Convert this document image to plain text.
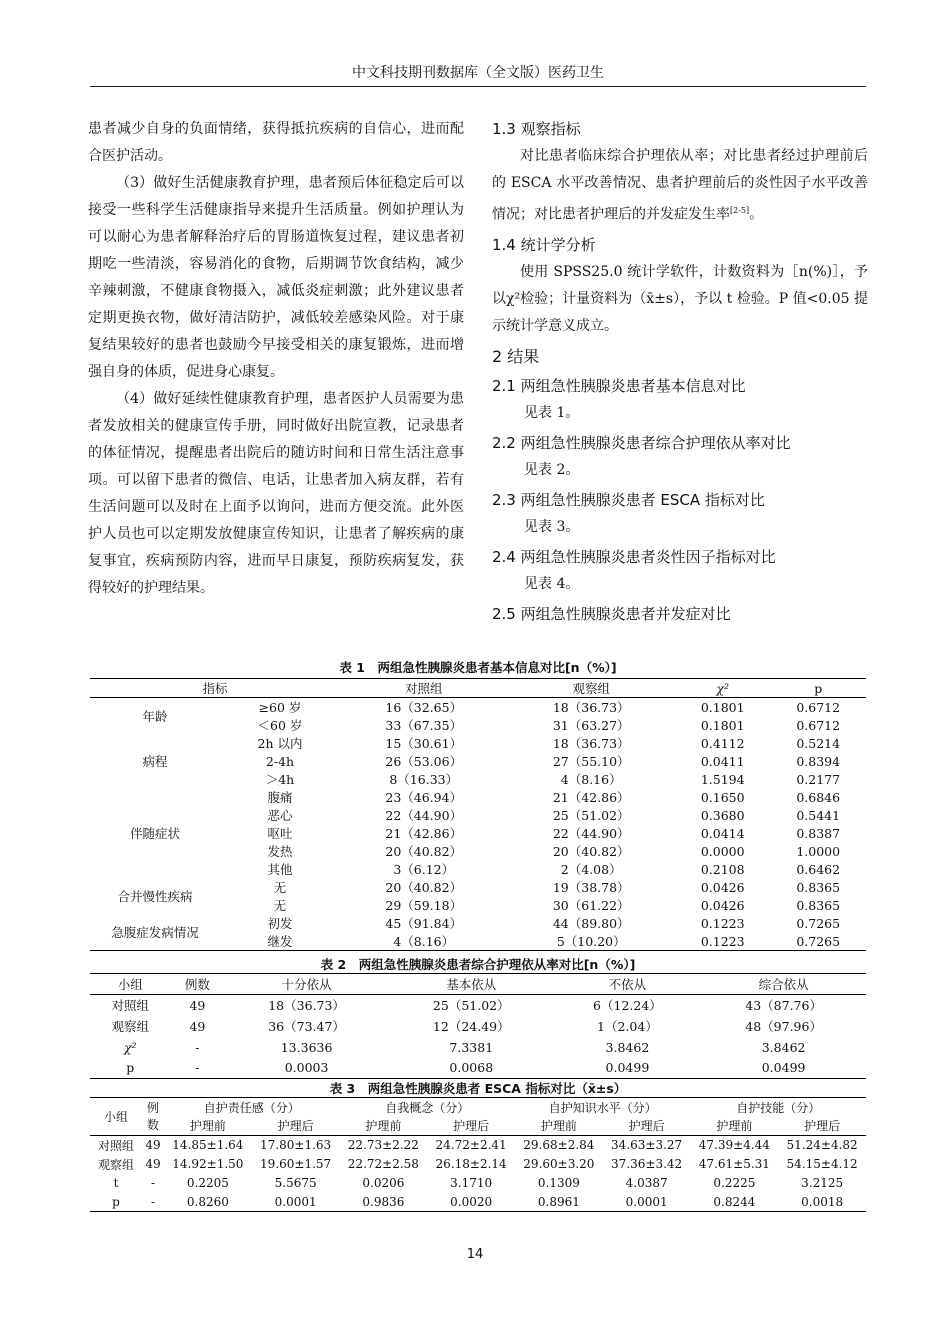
中文科技期刊数据库（全文版）医药卫生

患者减少自身的负面情绪，获得抵抗疾病的自信心，进而配合医护活动。

（3）做好生活健康教育护理，患者预后体征稳定后可以接受一些科学生活健康指导来提升生活质量。例如护理认为可以耐心为患者解释治疗后的胃肠道恢复过程，建议患者初期吃一些清淡，容易消化的食物，后期调节饮食结构，减少辛辣刺激，不健康食物摄入，减低炎症刺激；此外建议患者定期更换衣物，做好清洁防护，减低较差感染风险。对于康复结果较好的患者也鼓励今早接受相关的康复锻炼，进而增强自身的体质，促进身心康复。

（4）做好延续性健康教育护理，患者医护人员需要为患者发放相关的健康宣传手册，同时做好出院宣教，记录患者的体征情况，提醒患者出院后的随访时间和日常生活注意事项。可以留下患者的微信、电话，让患者加入病友群，若有生活问题可以及时在上面予以询问，进而方便交流。此外医护人员也可以定期发放健康宣传知识，让患者了解疾病的康复事宜，疾病预防内容，进而早日康复，预防疾病复发，获得较好的护理结果。

1.3 观察指标

对比患者临床综合护理依从率；对比患者经过护理前后的 ESCA 水平改善情况、患者护理前后的炎性因子水平改善情况；对比患者护理后的并发症发生率[2-5]。

1.4 统计学分析

使用 SPSS25.0 统计学软件，计数资料为［n(%)］，予以χ²检验；计量资料为（x̄±s），予以 t 检验。P 值<0.05 提示统计学意义成立。

2 结果
2.1 两组急性胰腺炎患者基本信息对比

见表 1。

2.2 两组急性胰腺炎患者综合护理依从率对比

见表 2。

2.3 两组急性胰腺炎患者 ESCA 指标对比

见表 3。

2.4 两组急性胰腺炎患者炎性因子指标对比

见表 4。

2.5 两组急性胰腺炎患者并发症对比
表 1　两组急性胰腺炎患者基本信息对比[n（%）]
指标		对照组	观察组	χ²	p
年龄	≥60 岁	16（32.65）	18（36.73）	0.1801	0.6712
	＜60 岁	33（67.35）	31（63.27）	0.1801	0.6712
病程	2h 以内	15（30.61）	18（36.73）	0.4112	0.5214
	2-4h	26（53.06）	27（55.10）	0.0411	0.8394
	＞4h	8（16.33）	4（8.16）	1.5194	0.2177
伴随症状	腹痛	23（46.94）	21（42.86）	0.1650	0.6846
	恶心	22（44.90）	25（51.02）	0.3680	0.5441
	呕吐	21（42.86）	22（44.90）	0.0414	0.8387
	发热	20（40.82）	20（40.82）	0.0000	1.0000
	其他	3（6.12）	2（4.08）	0.2108	0.6462
合并慢性疾病	无	20（40.82）	19（38.78）	0.0426	0.8365
	无	29（59.18）	30（61.22）	0.0426	0.8365
急腹症发病情况	初发	45（91.84）	44（89.80）	0.1223	0.7265
	继发	4（8.16）	5（10.20）	0.1223	0.7265
表 2　两组急性胰腺炎患者综合护理依从率对比[n（%）]
小组	例数	十分依从	基本依从	不依从	综合依从
对照组	49	18（36.73）	25（51.02）	6（12.24）	43（87.76）
观察组	49	36（73.47）	12（24.49）	1（2.04）	48（97.96）
χ²	-	13.3636	7.3381	3.8462	3.8462
p	-	0.0003	0.0068	0.0499	0.0499
表 3　两组急性胰腺炎患者 ESCA 指标对比（x̄±s）
小组	例数	自护责任感（分）		自我概念（分）		自护知识水平（分）		自护技能（分）	
		护理前	护理后	护理前	护理后	护理前	护理后	护理前	护理后
对照组	49	14.85±1.64	17.80±1.63	22.73±2.22	24.72±2.41	29.68±2.84	34.63±3.27	47.39±4.44	51.24±4.82
观察组	49	14.92±1.50	19.60±1.57	22.72±2.58	26.18±2.14	29.60±3.20	37.36±3.42	47.61±5.31	54.15±4.12
t	-	0.2205	5.5675	0.0206	3.1710	0.1309	4.0387	0.2225	3.2125
p	-	0.8260	0.0001	0.9836	0.0020	0.8961	0.0001	0.8244	0.0018
14
